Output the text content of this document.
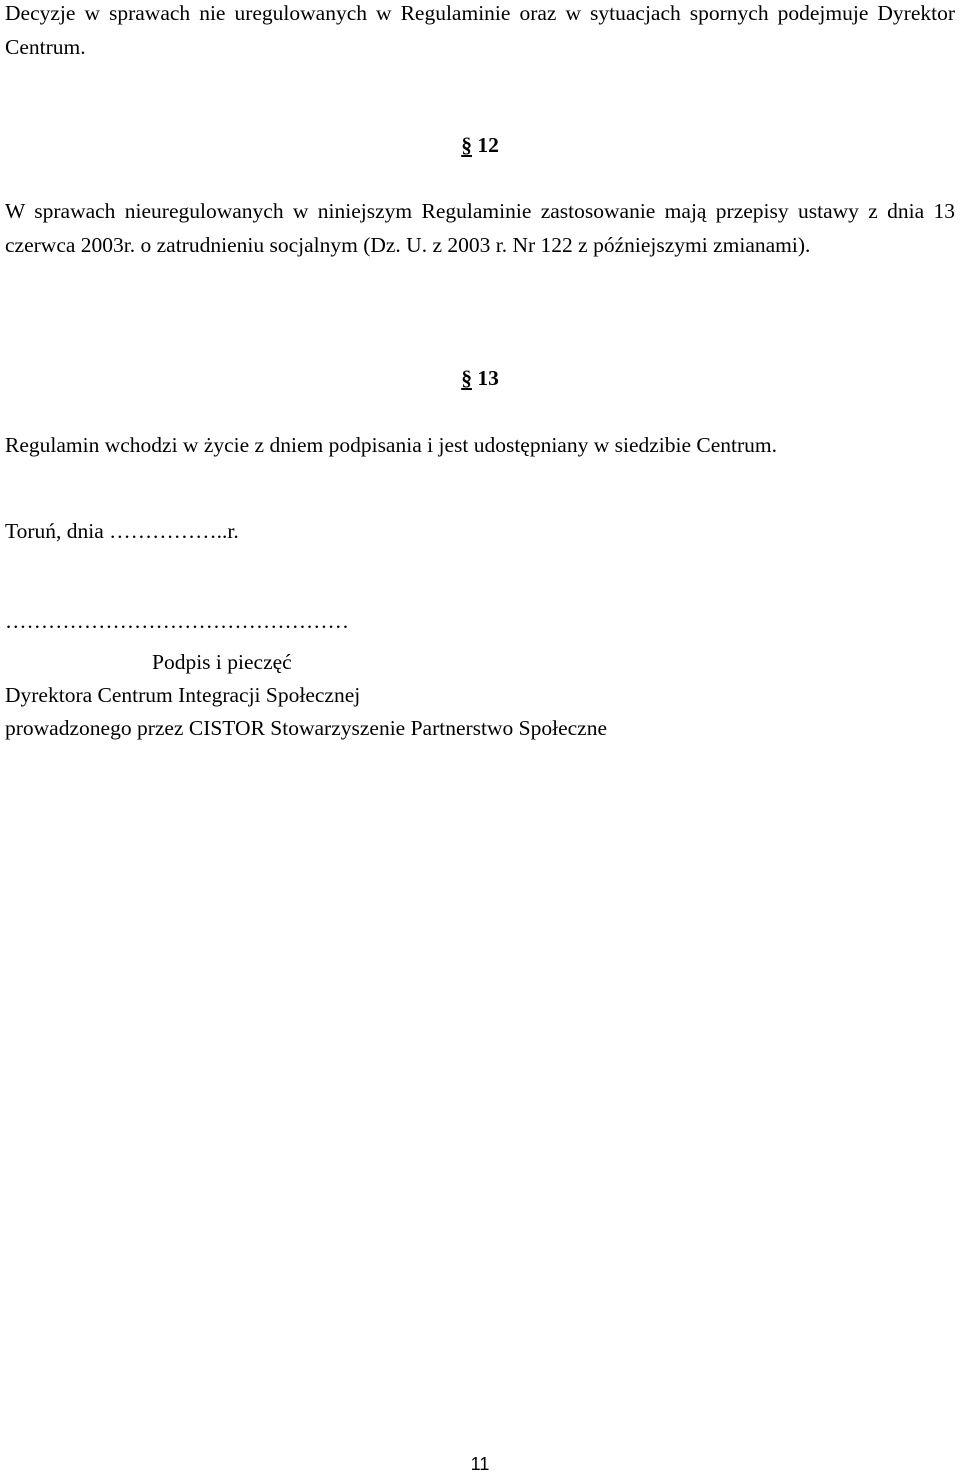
Decyzje w sprawach nie uregulowanych w Regulaminie oraz w sytuacjach spornych podejmuje Dyrektor Centrum.

§ 12

W sprawach nieuregulowanych w niniejszym Regulaminie zastosowanie mają przepisy ustawy z dnia 13 czerwca 2003r. o zatrudnieniu socjalnym (Dz. U. z 2003 r. Nr 122 z późniejszymi zmianami).

§ 13

Regulamin wchodzi w życie z dniem podpisania i jest udostępniany w siedzibie Centrum.

Toruń, dnia ……………..r.

…………………………………………

Podpis i pieczęć

Dyrektora Centrum Integracji Społecznej

prowadzonego przez CISTOR Stowarzyszenie Partnerstwo Społeczne

11
